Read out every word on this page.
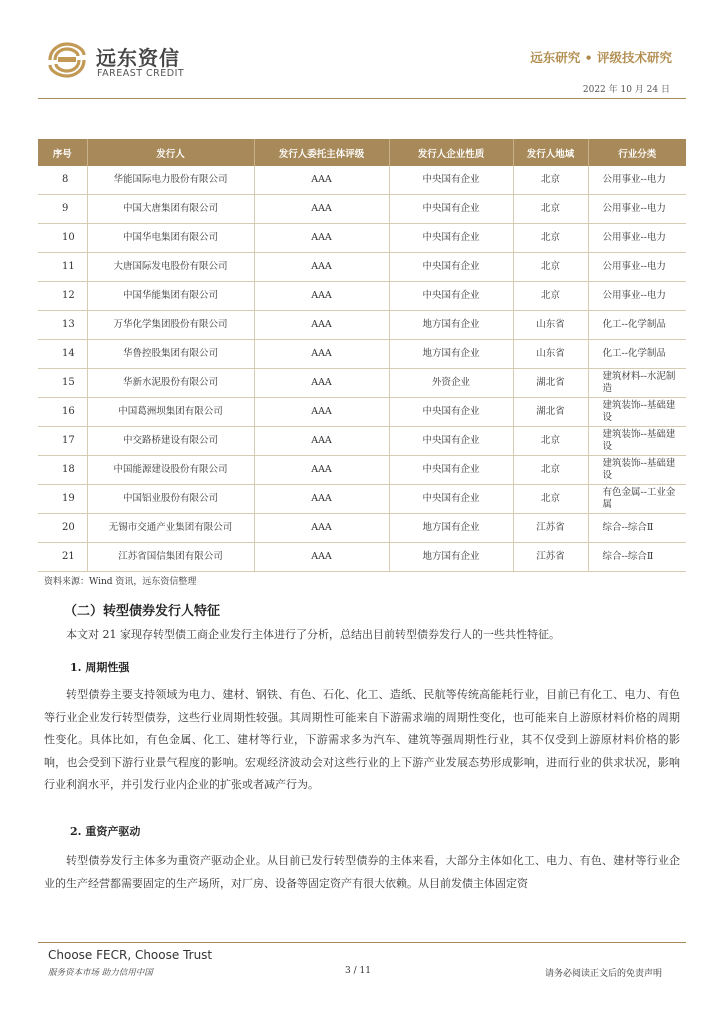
远东资信
FAREAST CREDIT
远东研究 • 评级技术研究
2022 年 10 月 24 日
序号	发行人	发行人委托主体评级	发行人企业性质	发行人地域	行业分类
8	华能国际电力股份有限公司	AAA	中央国有企业	北京	公用事业--电力
9	中国大唐集团有限公司	AAA	中央国有企业	北京	公用事业--电力
10	中国华电集团有限公司	AAA	中央国有企业	北京	公用事业--电力
11	大唐国际发电股份有限公司	AAA	中央国有企业	北京	公用事业--电力
12	中国华能集团有限公司	AAA	中央国有企业	北京	公用事业--电力
13	万华化学集团股份有限公司	AAA	地方国有企业	山东省	化工--化学制品
14	华鲁控股集团有限公司	AAA	地方国有企业	山东省	化工--化学制品
15	华新水泥股份有限公司	AAA	外资企业	湖北省	建筑材料--水泥制造
16	中国葛洲坝集团有限公司	AAA	中央国有企业	湖北省	建筑装饰--基础建设
17	中交路桥建设有限公司	AAA	中央国有企业	北京	建筑装饰--基础建设
18	中国能源建设股份有限公司	AAA	中央国有企业	北京	建筑装饰--基础建设
19	中国铝业股份有限公司	AAA	中央国有企业	北京	有色金属--工业金属
20	无锡市交通产业集团有限公司	AAA	地方国有企业	江苏省	综合--综合Ⅱ
21	江苏省国信集团有限公司	AAA	地方国有企业	江苏省	综合--综合Ⅱ
资料来源：Wind 资讯，远东资信整理
（二）转型债券发行人特征
本文对 21 家现存转型债工商企业发行主体进行了分析，总结出目前转型债券发行人的一些共性特征。
1. 周期性强
转型债券主要支持领域为电力、建材、钢铁、有色、石化、化工、造纸、民航等传统高能耗行业，目前已有化工、电力、有色等行业企业发行转型债券，这些行业周期性较强。其周期性可能来自下游需求端的周期性变化，也可能来自上游原材料价格的周期性变化。具体比如，有色金属、化工、建材等行业，下游需求多为汽车、建筑等强周期性行业，其不仅受到上游原材料价格的影响，也会受到下游行业景气程度的影响。宏观经济波动会对这些行业的上下游产业发展态势形成影响，进而行业的供求状况，影响行业利润水平，并引发行业内企业的扩张或者减产行为。
2. 重资产驱动
转型债券发行主体多为重资产驱动企业。从目前已发行转型债券的主体来看，大部分主体如化工、电力、有色、建材等行业企业的生产经营都需要固定的生产场所，对厂房、设备等固定资产有很大依赖。从目前发债主体固定资
Choose FECR, Choose Trust
服务资本市场 助力信用中国	3 / 11	请务必阅读正文后的免责声明
